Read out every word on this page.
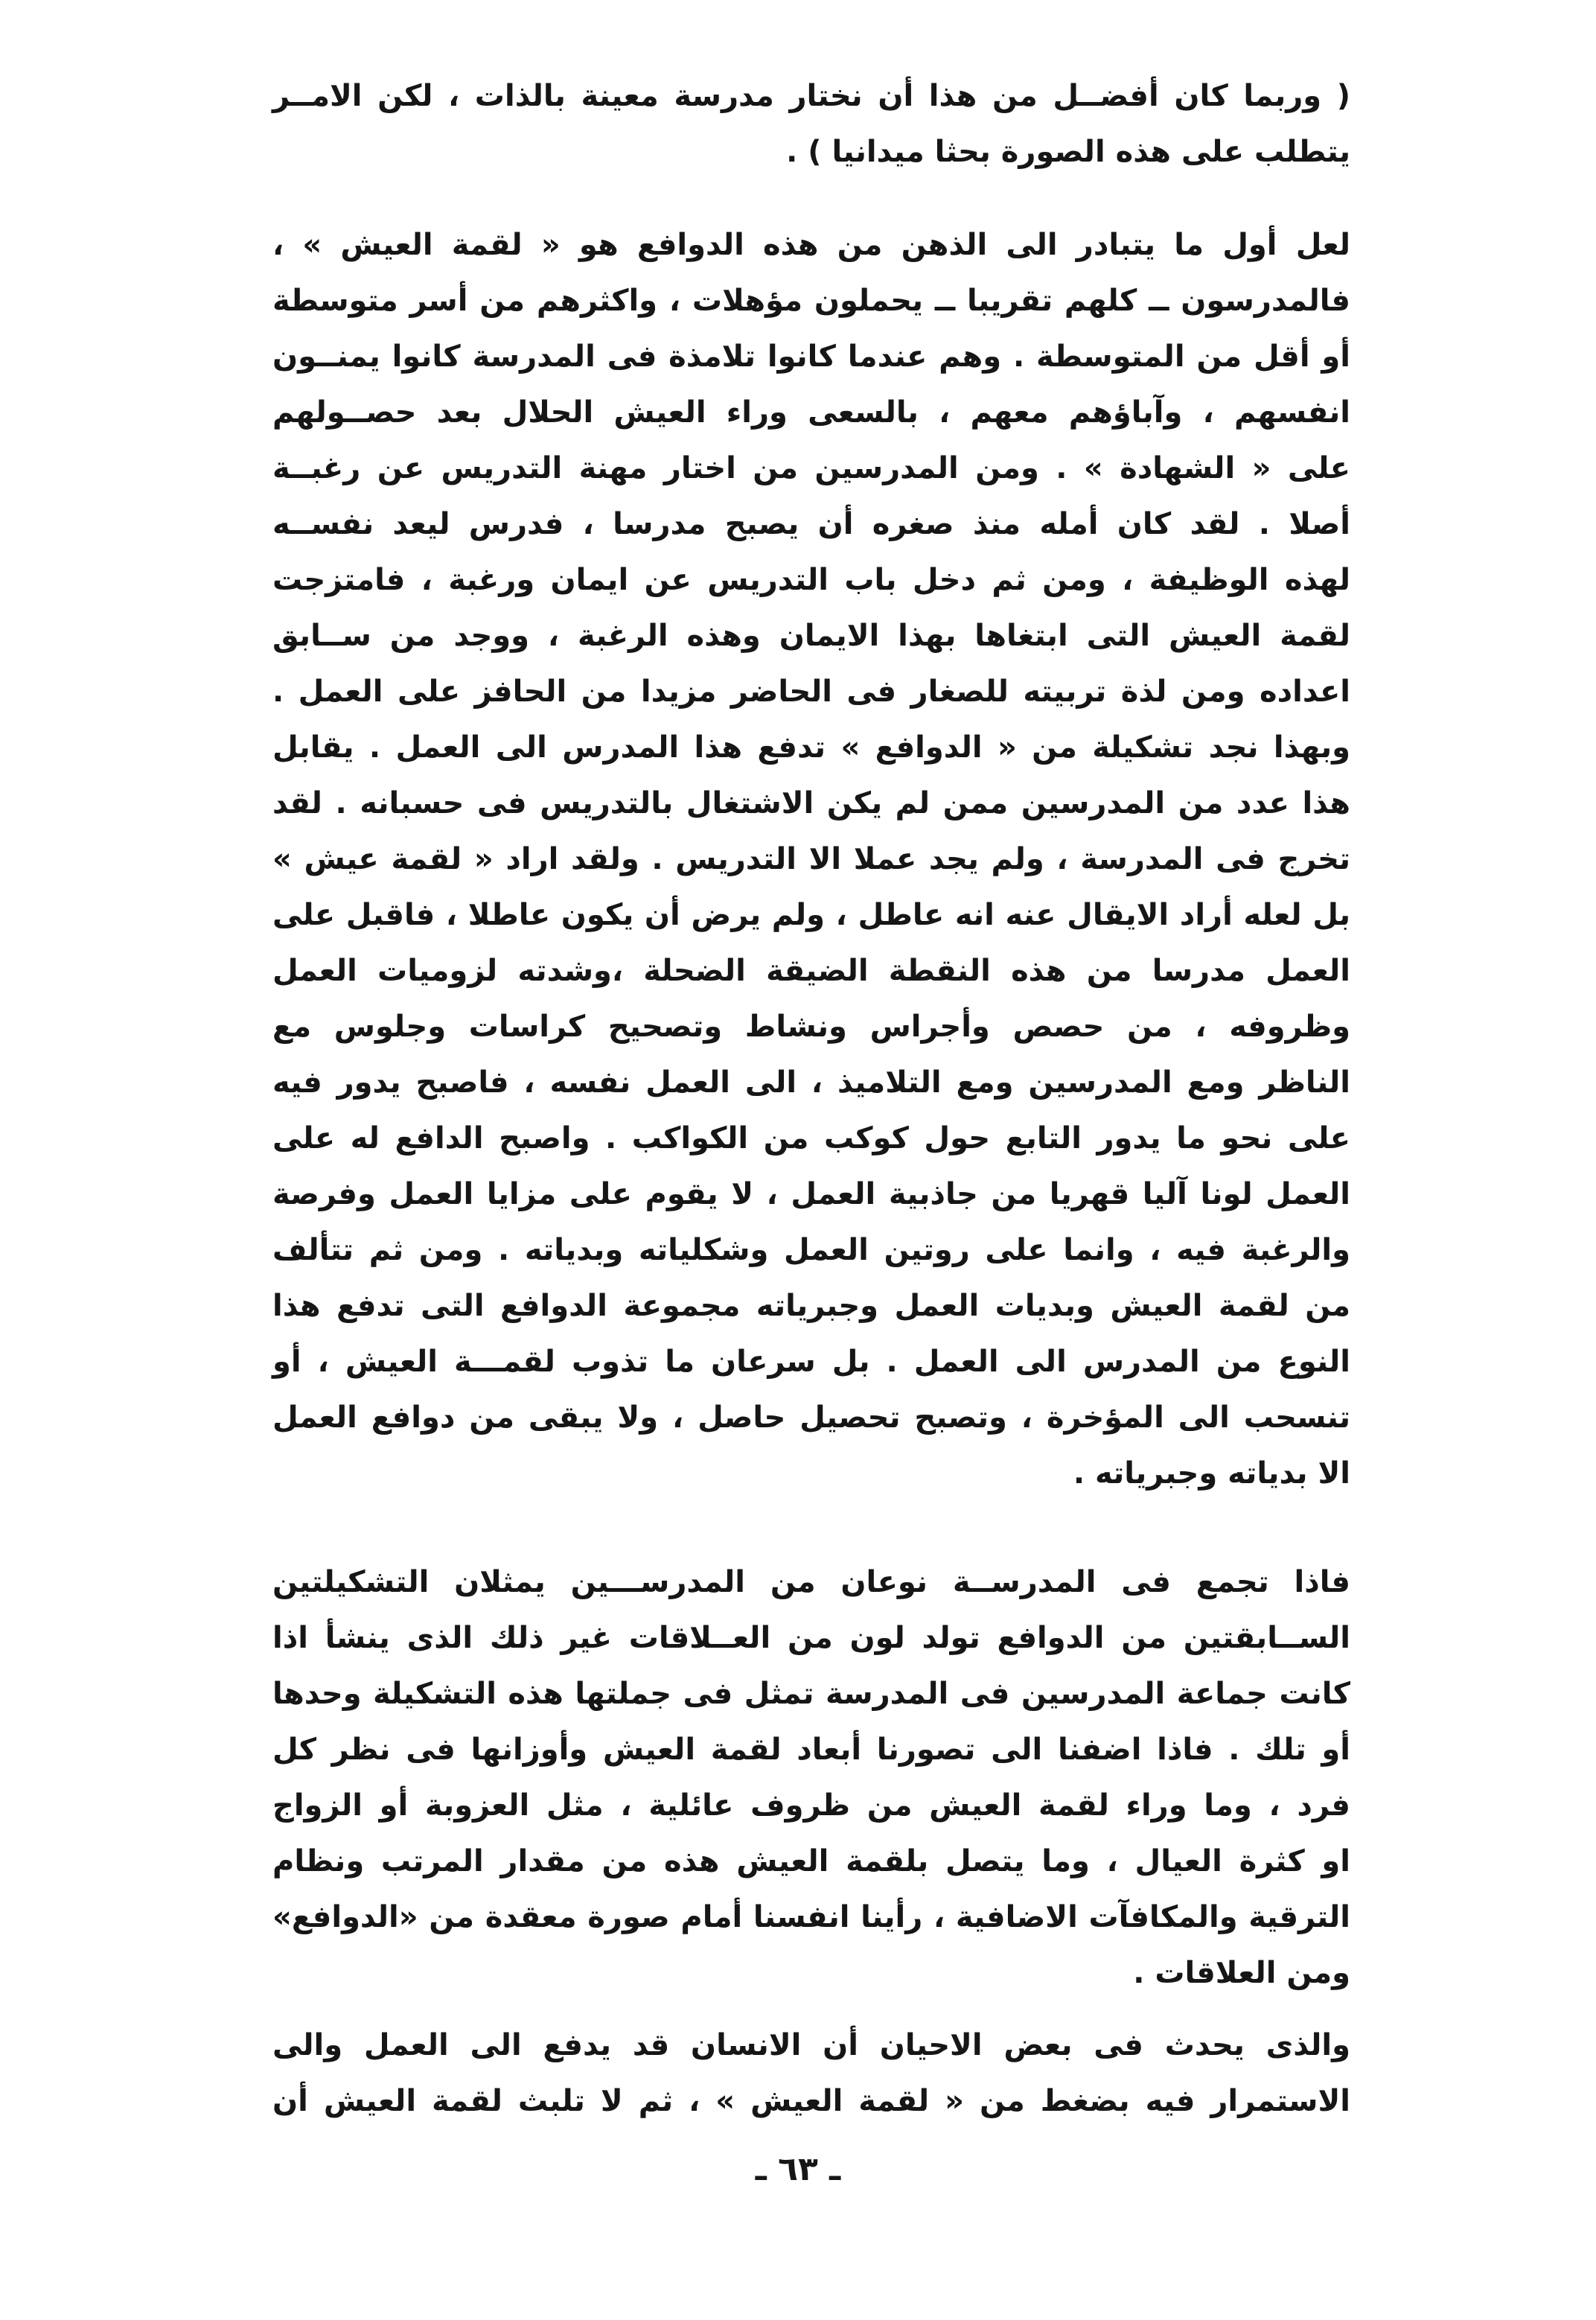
( وربما كان أفضــل من هذا أن نختار مدرسة معينة بالذات ، لكن الامــر
يتطلب على هذه الصورة بحثا ميدانيا ) .
لعل أول ما يتبادر الى الذهن من هذه الدوافع هو « لقمة العيش » ،
فالمدرسون ــ كلهم تقريبا ــ يحملون مؤهلات ، واكثرهم من أسر متوسطة
أو أقل من المتوسطة . وهم عندما كانوا تلامذة فى المدرسة كانوا يمنــون
انفسهم ، وآباؤهم معهم ، بالسعى وراء العيش الحلال بعد حصــولهم
على « الشهادة » . ومن المدرسين من اختار مهنة التدريس عن رغبــة
أصلا . لقد كان أمله منذ صغره أن يصبح مدرسا ، فدرس ليعد نفســه
لهذه الوظيفة ، ومن ثم دخل باب التدريس عن ايمان ورغبة ، فامتزجت
لقمة العيش التى ابتغاها بهذا الايمان وهذه الرغبة ، ووجد من ســابق
اعداده ومن لذة تربيته للصغار فى الحاضر مزيدا من الحافز على العمل .
وبهذا نجد تشكيلة من « الدوافع » تدفع هذا المدرس الى العمل . يقابل
هذا عدد من المدرسين ممن لم يكن الاشتغال بالتدريس فى حسبانه . لقد
تخرج فى المدرسة ، ولم يجد عملا الا التدريس . ولقد اراد « لقمة عيش »
بل لعله أراد الايقال عنه انه عاطل ، ولم يرض أن يكون عاطلا ، فاقبل على
العمل مدرسا من هذه النقطة الضيقة الضحلة ،وشدته لزوميات العمل
وظروفه ، من حصص وأجراس ونشاط وتصحيح كراسات وجلوس مع
الناظر ومع المدرسين ومع التلاميذ ، الى العمل نفسه ، فاصبح يدور فيه
على نحو ما يدور التابع حول كوكب من الكواكب . واصبح الدافع له على
العمل لونا آليا قهريا من جاذبية العمل ، لا يقوم على مزايا العمل وفرصة
والرغبة فيه ، وانما على روتين العمل وشكلياته وبدياته . ومن ثم تتألف
من لقمة العيش وبديات العمل وجبرياته مجموعة الدوافع التى تدفع هذا
النوع من المدرس الى العمل . بل سرعان ما تذوب لقمـــة العيش ، أو
تنسحب الى المؤخرة ، وتصبح تحصيل حاصل ، ولا يبقى من دوافع العمل
الا بدياته وجبرياته .
فاذا تجمع فى المدرســة نوعان من المدرســـين يمثلان التشكيلتين
الســابقتين من الدوافع تولد لون من العــلاقات غير ذلك الذى ينشأ اذا
كانت جماعة المدرسين فى المدرسة تمثل فى جملتها هذه التشكيلة وحدها
أو تلك . فاذا اضفنا الى تصورنا أبعاد لقمة العيش وأوزانها فى نظر كل
فرد ، وما وراء لقمة العيش من ظروف عائلية ، مثل العزوبة أو الزواج
او كثرة العيال ، وما يتصل بلقمة العيش هذه من مقدار المرتب ونظام
الترقية والمكافآت الاضافية ، رأينا انفسنا أمام صورة معقدة من «الدوافع»
ومن العلاقات .
والذى يحدث فى بعض الاحيان أن الانسان قد يدفع الى العمل والى
الاستمرار فيه بضغط من « لقمة العيش » ، ثم لا تلبث لقمة العيش أن
ـ ٦٣ ـ
